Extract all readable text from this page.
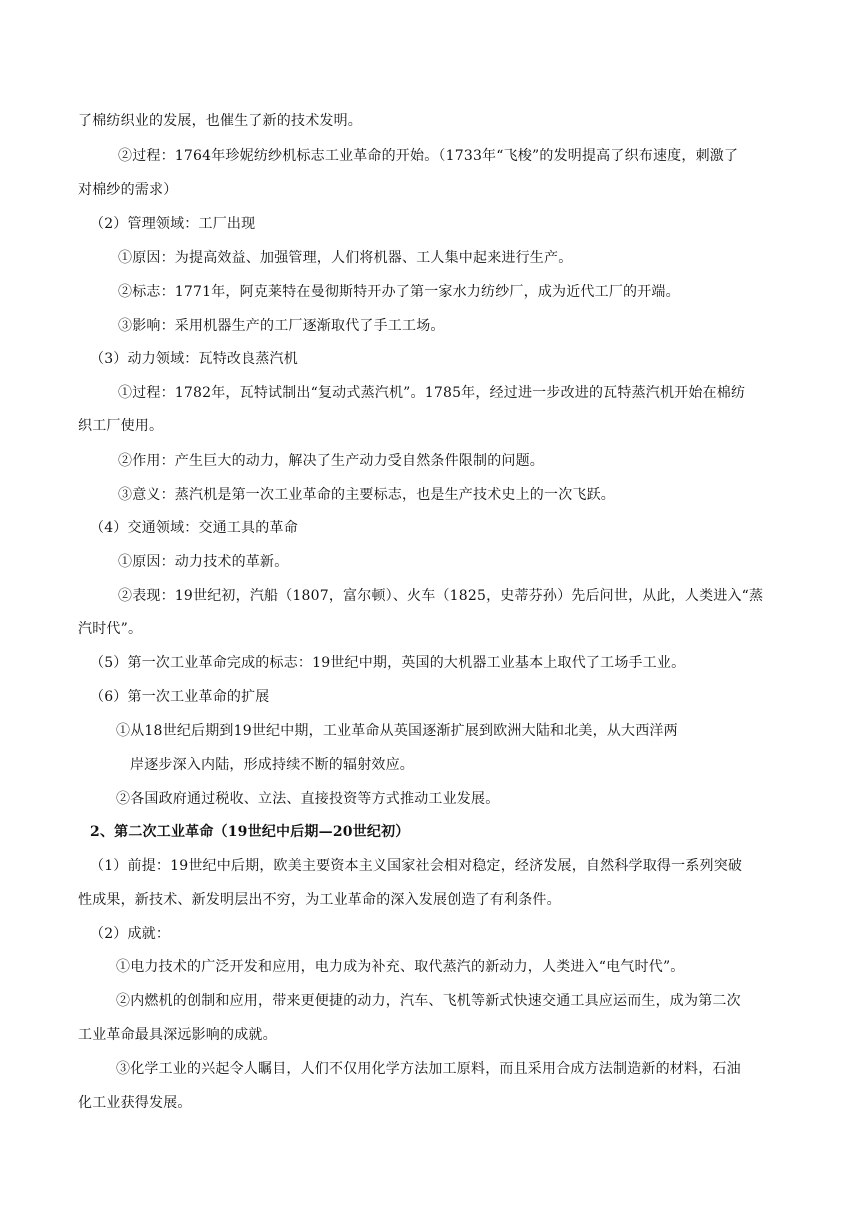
了棉纺织业的发展，也催生了新的技术发明。
②过程：1764年珍妮纺纱机标志工业革命的开始。（1733年“飞梭”的发明提高了织布速度，刺激了
对棉纱的需求）
（2）管理领域：工厂出现
①原因：为提高效益、加强管理，人们将机器、工人集中起来进行生产。
②标志：1771年，阿克莱特在曼彻斯特开办了第一家水力纺纱厂，成为近代工厂的开端。
③影响：采用机器生产的工厂逐渐取代了手工工场。
（3）动力领域：瓦特改良蒸汽机
①过程：1782年，瓦特试制出“复动式蒸汽机”。1785年，经过进一步改进的瓦特蒸汽机开始在棉纺
织工厂使用。
②作用：产生巨大的动力，解决了生产动力受自然条件限制的问题。
③意义：蒸汽机是第一次工业革命的主要标志，也是生产技术史上的一次飞跃。
（4）交通领域：交通工具的革命
①原因：动力技术的革新。
②表现：19世纪初，汽船（1807，富尔顿）、火车（1825，史蒂芬孙）先后问世，从此，人类进入“蒸
汽时代”。
（5）第一次工业革命完成的标志：19世纪中期，英国的大机器工业基本上取代了工场手工业。
（6）第一次工业革命的扩展
①从18世纪后期到19世纪中期，工业革命从英国逐渐扩展到欧洲大陆和北美，从大西洋两
岸逐步深入内陆，形成持续不断的辐射效应。
②各国政府通过税收、立法、直接投资等方式推动工业发展。
2、第二次工业革命（19世纪中后期—20世纪初）
（1）前提：19世纪中后期，欧美主要资本主义国家社会相对稳定，经济发展，自然科学取得一系列突破
性成果，新技术、新发明层出不穷，为工业革命的深入发展创造了有利条件。
（2）成就：
①电力技术的广泛开发和应用，电力成为补充、取代蒸汽的新动力，人类进入“电气时代”。
②内燃机的创制和应用，带来更便捷的动力，汽车、飞机等新式快速交通工具应运而生，成为第二次
工业革命最具深远影响的成就。
③化学工业的兴起令人瞩目，人们不仅用化学方法加工原料，而且采用合成方法制造新的材料，石油
化工业获得发展。
